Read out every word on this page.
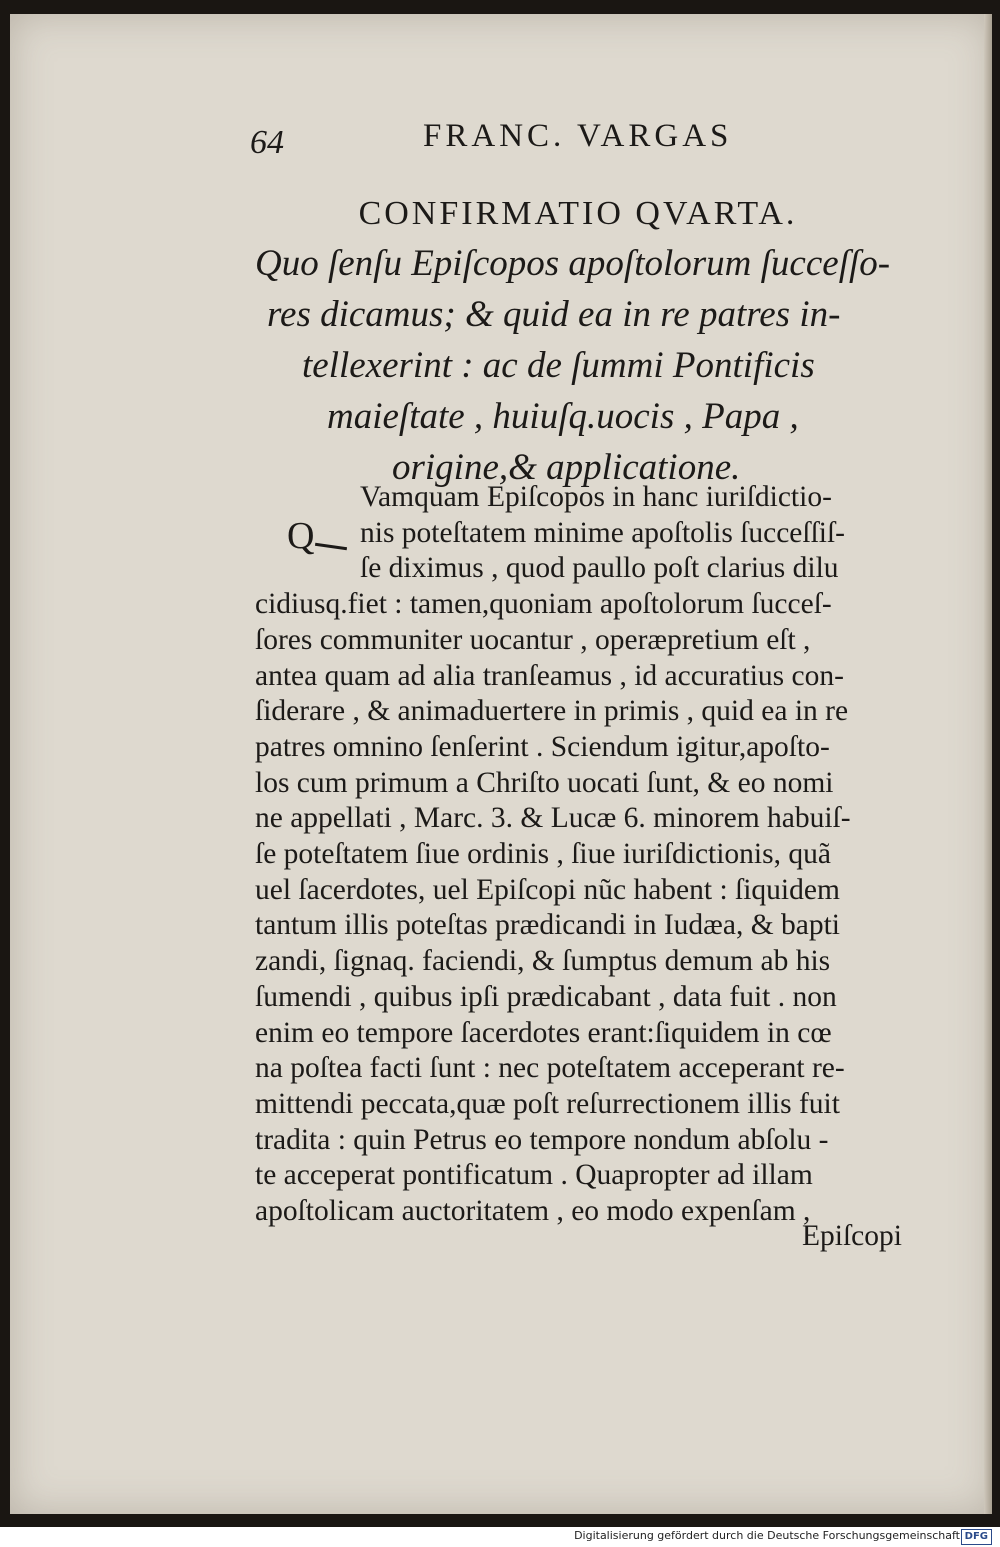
64	FRANC. VARGAS
CONFIRMATIO QVARTA.
Quo ſenſu Epiſcopos apoſtolorum ſucceſſo-
res dicamus; & quid ea in re patres in-
tellexerint : ac de ſummi Pontificis
maieſtate , huiuſq.uocis , Papa ,
origine,& applicatione.
Q
Vamquam Epiſcopos in hanc iuriſdictio-
nis poteſtatem minime apoſtolis ſucceſſiſ-
ſe diximus , quod paullo poſt clarius dilu
cidiusq.fiet : tamen,quoniam apoſtolorum ſucceſ-
ſores communiter uocantur , operæpretium eſt ,
antea quam ad alia tranſeamus , id accuratius con-
ſiderare , & animaduertere in primis , quid ea in re
patres omnino ſenſerint . Sciendum igitur,apoſto-
los cum primum a Chriſto uocati ſunt, & eo nomi
ne appellati , Marc. 3. & Lucæ 6. minorem habuiſ-
ſe poteſtatem ſiue ordinis , ſiue iuriſdictionis, quã
uel ſacerdotes, uel Epiſcopi nũc habent : ſiquidem
tantum illis poteſtas prædicandi in Iudæa, & bapti
zandi, ſignaq. faciendi, & ſumptus demum ab his
ſumendi , quibus ipſi prædicabant , data fuit . non
enim eo tempore ſacerdotes erant:ſiquidem in cœ
na poſtea facti ſunt : nec poteſtatem acceperant re-
mittendi peccata,quæ poſt reſurrectionem illis fuit
tradita : quin Petrus eo tempore nondum abſolu -
te acceperat pontificatum . Quapropter ad illam
apoſtolicam auctoritatem , eo modo expenſam ,
Epiſcopi
Digitalisierung gefördert durch die Deutsche Forschungsgemeinschaft DFG
